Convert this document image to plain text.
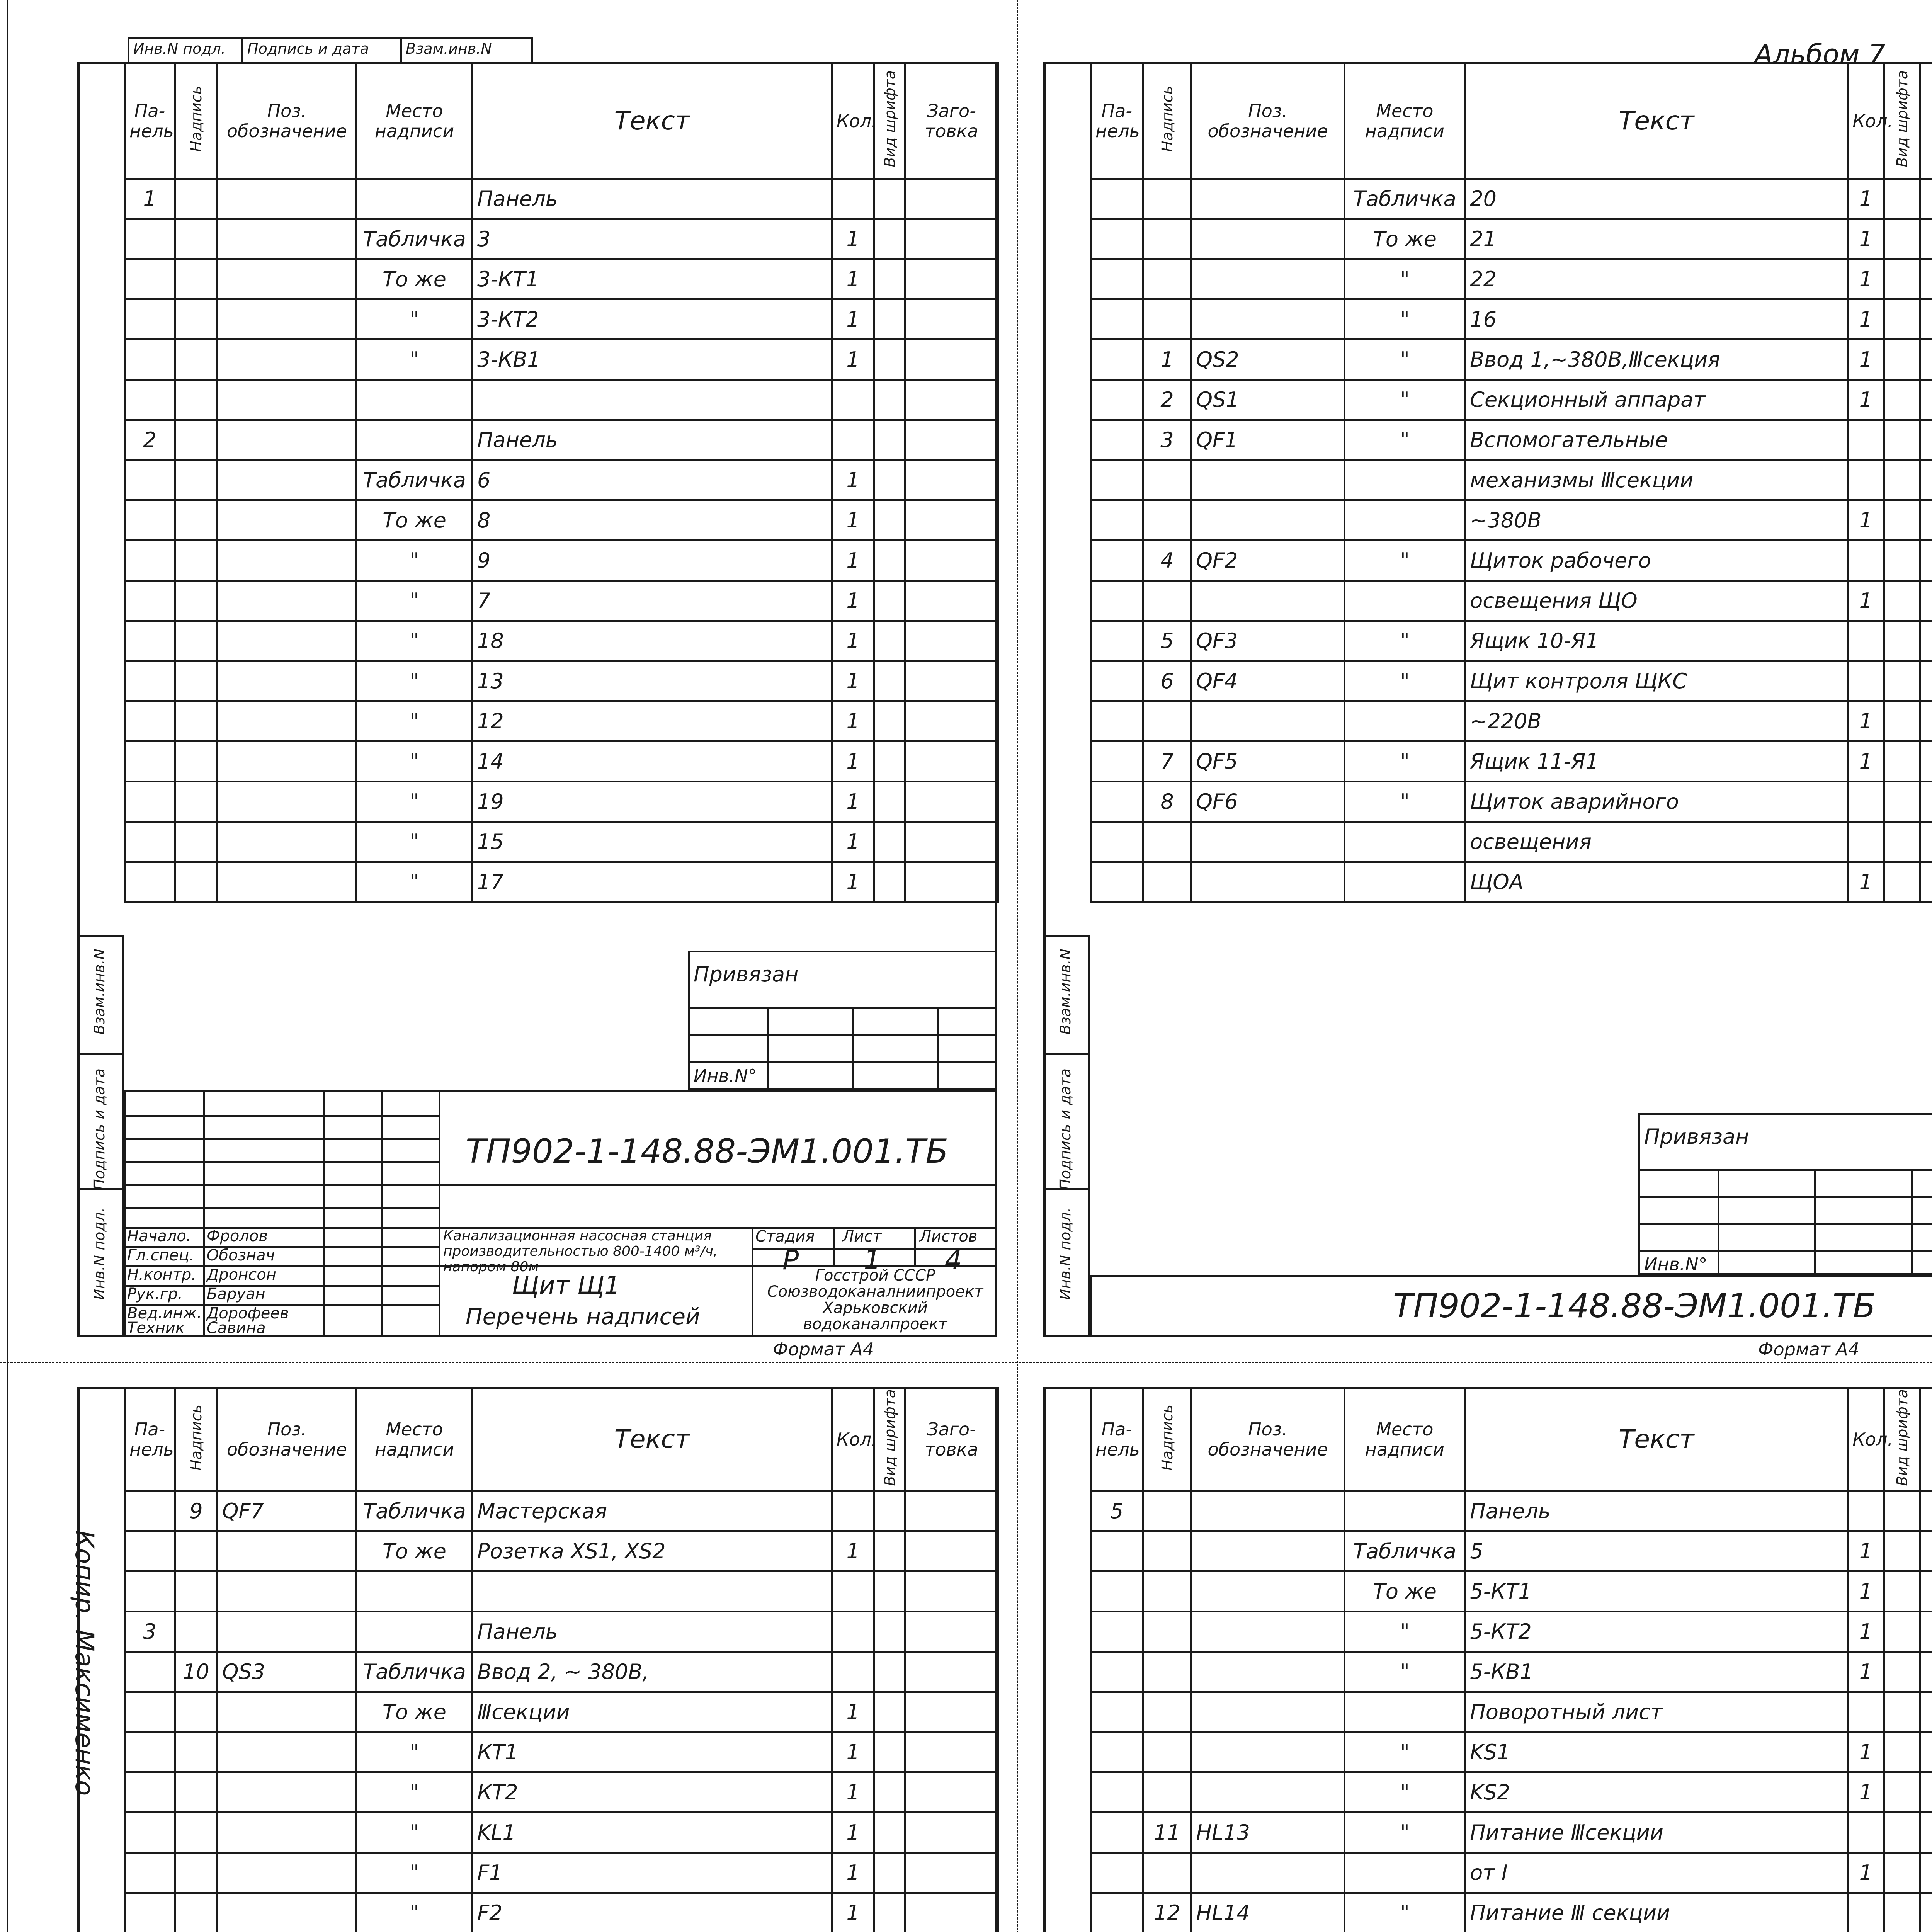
Альбом 7
Инв.N подл. Подпись и дата	Взам.инв.N
Копир. Максименко
Взам.инв.N
Подпись и дата
Инв.N подл.
Па-нель	Надпись	Поз. обозначение	Место надписи	Текст	Кол.	Вид шрифта	Заго-товка
1				Панель			
			Табличка	3	1		
			То же	3-КТ1	1		
			"	3-КТ2	1		
			"	3-КВ1	1		

2				Панель			
			Табличка	6	1		
			То же	8	1		
			"	9	1		
			"	7	1		
			"	18	1		
			"	13	1		
			"	12	1		
			"	14	1		
			"	19	1		
			"	15	1		
			"	17	1		
Привязан
Инв.N°
ТП902-1-148.88-ЭМ1.001.ТБ
Начало. Фролов
Гл.спец. Обознач
Н.контр. Дронсон
Рук.гр. Баруан
Вед.инж. Дорофеев
Техник Савина
Канализационная насосная станция производительностью 800-1400 м³/ч, напором 80м
Стадия Лист Листов
Р 1 4
Щит Щ1
Перечень надписей
Госстрой СССР Союзводоканалниипроект Харьковский водоканалпроект
Формат А4
Взам.инв.N
Подпись и дата
Инв.N подл.
Па-нель	Надпись	Поз. обозначение	Место надписи	Текст	Кол.	Вид шрифта	
			Табличка	20	1		
			То же	21	1		
			"	22	1		
			"	16	1		
	1	QS2	"	Ввод 1,~380В,Ⅲсекция	1		
	2	QS1	"	Секционный аппарат	1		
	3	QF1	"	Вспомогательные			
				механизмы Ⅲсекции			
				~380В	1		
	4	QF2	"	Щиток рабочего			
				освещения ЩО	1		
	5	QF3	"	Ящик 10-Я1			
	6	QF4	"	Щит контроля ЩКС			
				~220В	1		
	7	QF5	"	Ящик 11-Я1	1		
	8	QF6	"	Щиток аварийного			
				освещения			
				ЩОА	1		
Привязан
Инв.N°
ТП902-1-148.88-ЭМ1.001.ТБ
Формат А4
Па-нель	Надпись	Поз. обозначение	Место надписи	Текст	Кол.	Вид шрифта	Заго-товка
	9	QF7	Табличка	Мастерская			
			То же	Розетка XS1, XS2	1		

3				Панель			
	10	QS3	Табличка	Ввод 2, ~ 380В,			
			То же	Ⅲсекции	1		
			"	КТ1	1		
			"	КТ2	1		
			"	KL1	1		
			"	F1	1		
			"	F2	1		

Па-нель	Надпись	Поз. обозначение	Место надписи	Текст	Кол.	Вид шрифта	
5				Панель			
			Табличка	5	1		
			То же	5-КТ1	1		
			"	5-КТ2	1		
			"	5-КВ1	1		
				Поворотный лист			
			"	KS1	1		
			"	KS2	1		
	11	HL13	"	Питание Ⅲсекции			
				от Ⅰ	1		
	12	HL14	"	Питание Ⅲ секции			
